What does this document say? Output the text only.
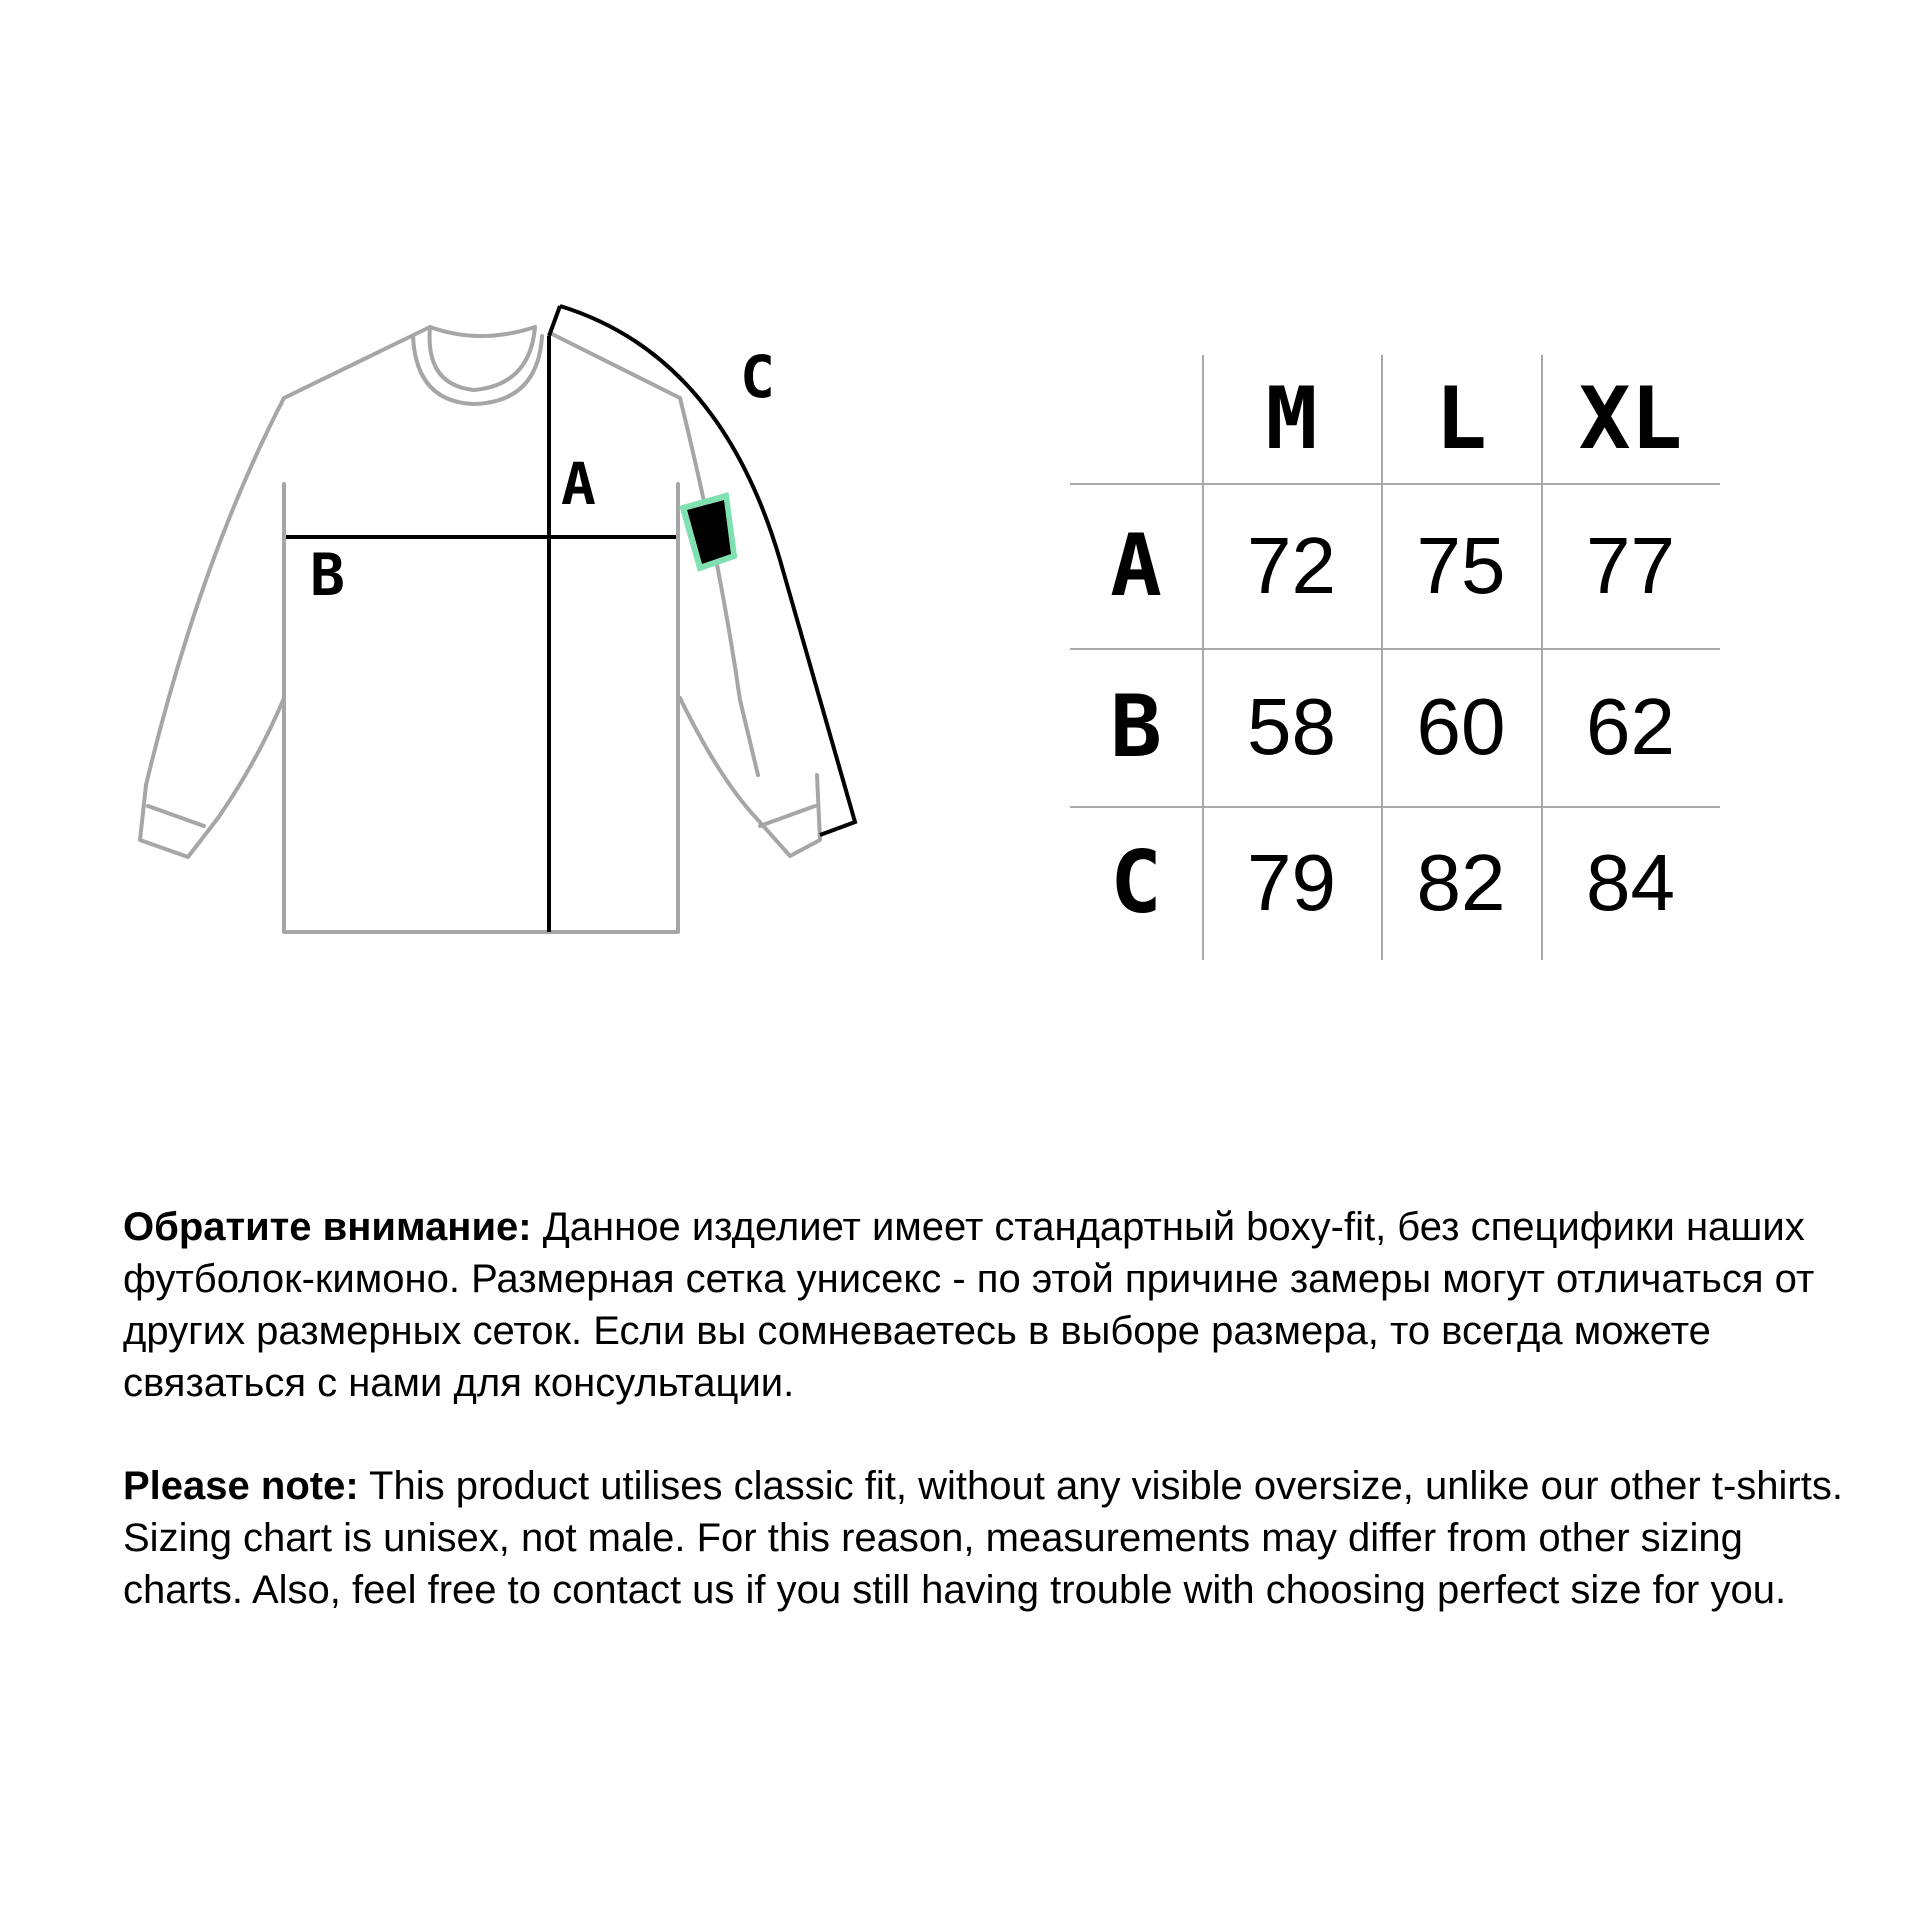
A
B
C	M	L	XL
A	72	75	77
B	58	60	62
C	79	82	84

Обратите внимание: Данное изделиет имеет стандартный boxy-fit, без специфики наших футболок-кимоно. Размерная сетка унисекс - по этой причине замеры могут отличаться от других размерных сеток. Если вы сомневаетесь в выборе размера, то всегда можете связаться с нами для консультации.

Please note: This product utilises classic fit, without any visible oversize, unlike our other t-shirts. Sizing chart is unisex, not male. For this reason, measurements may differ from other sizing charts. Also, feel free to contact us if you still having trouble with choosing perfect size for you.
